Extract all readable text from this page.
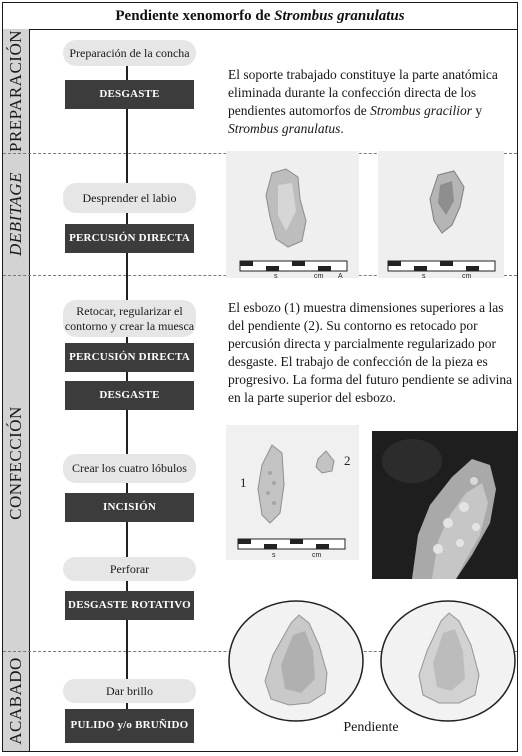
Pendiente xenomorfo de Strombus granulatus
PREPARACIÓN
DEBITAGE
CONFECCIÓN
ACABADO
Preparación de la concha
DESGASTE
El soporte trabajado constituye la parte anatómica eliminada durante la confección directa de los pendientes automorfos de Strombus gracilior y Strombus granulatus.
Desprender el labio
PERCUSIÓN DIRECTA
s	cm A	s	cm
Retocar, regularizar el contorno y crear la muesca
PERCUSIÓN DIRECTA
DESGASTE
El esbozo (1) muestra dimensiones superiores a las del pendiente (2). Su contorno es retocado por percusión directa y parcialmente regularizado por desgaste. El trabajo de confección de la pieza es progresivo. La forma del futuro pendiente se adivina en la parte superior del esbozo.
Crear los cuatro lóbulos
INCISIÓN
1
2
s	cm
Perforar
DESGASTE ROTATIVO
Dar brillo
PULIDO y/o BRUÑIDO	Pendiente
